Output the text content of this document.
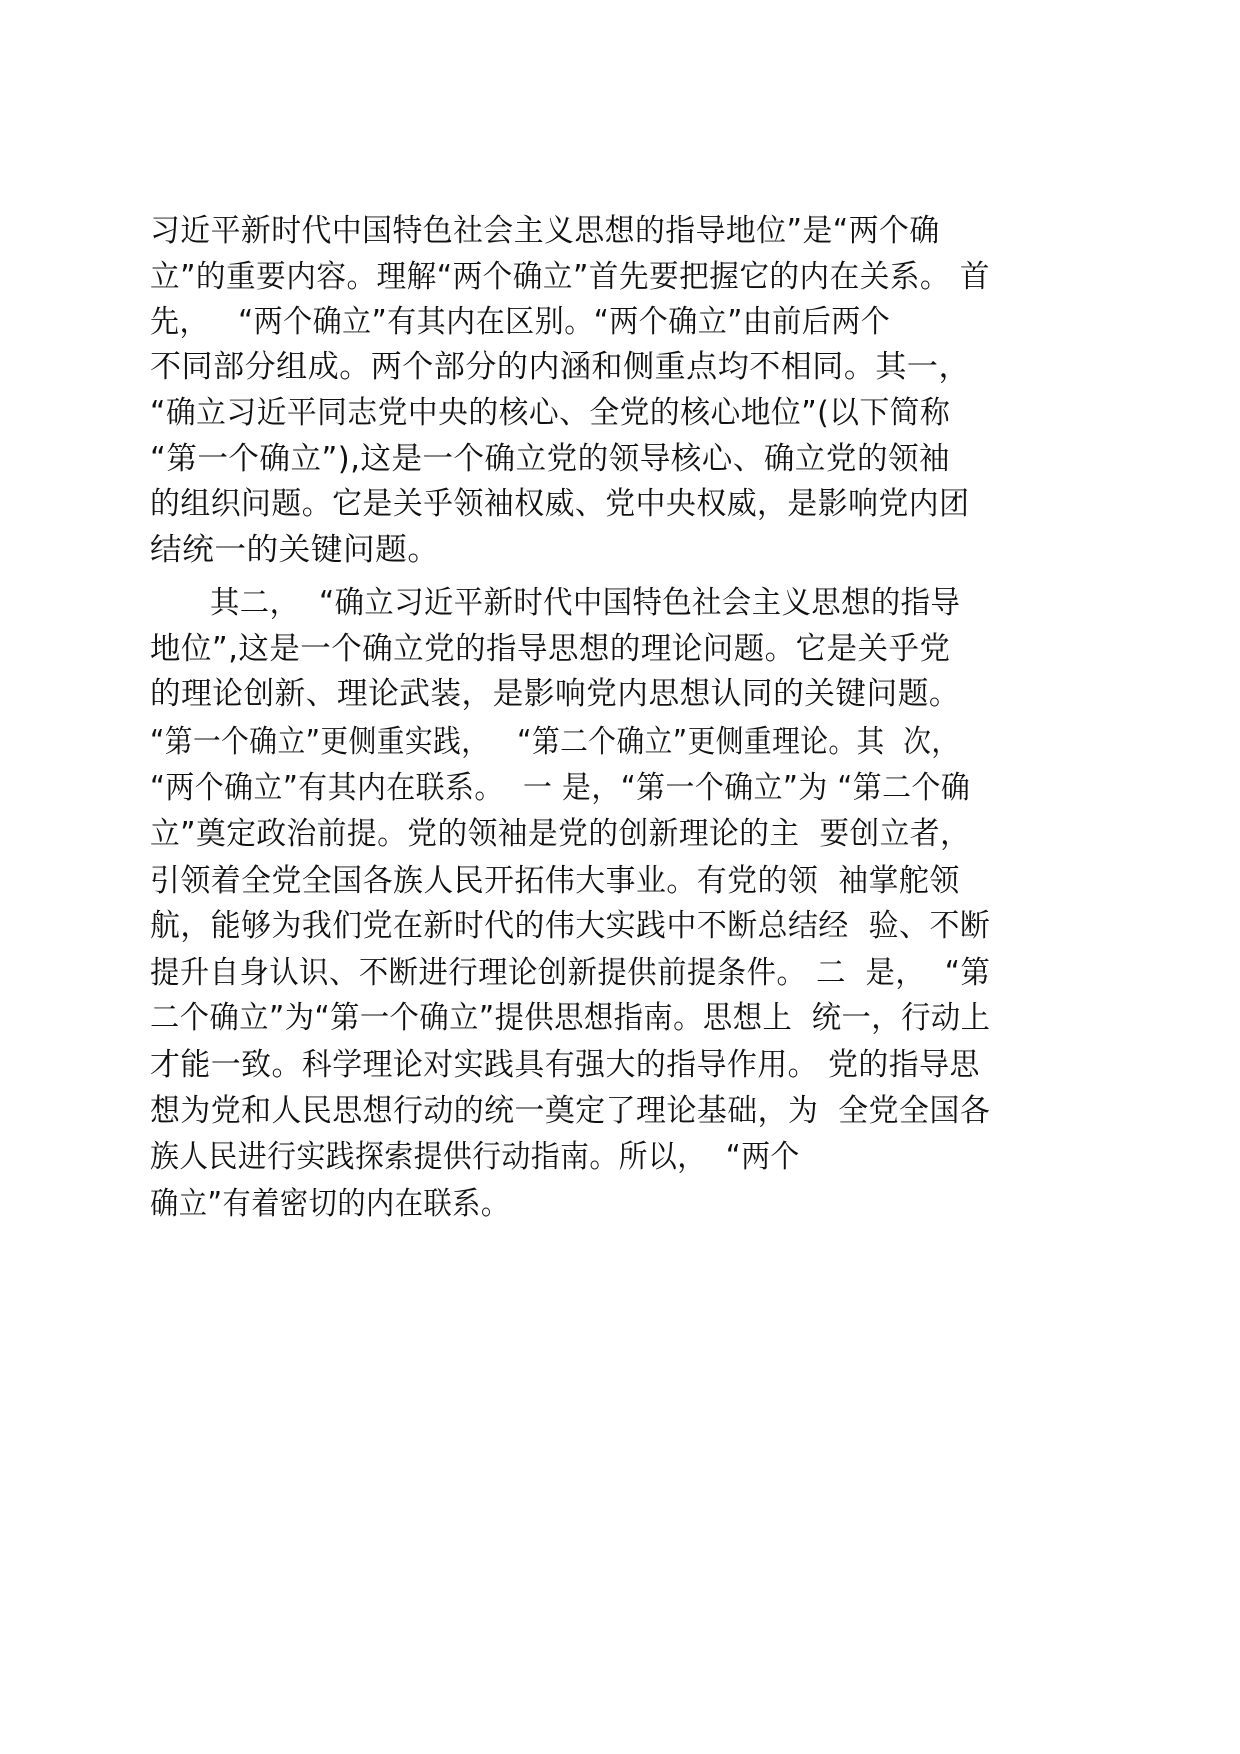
习近平新时代中国特色社会主义思想的指导地位”是“两个确
立”的重要内容。理解“两个确立”首先要把握它的内在关系。 首
先，   “两个确立”有其内在区别。“两个确立”由前后两个
不同部分组成。两个部分的内涵和侧重点均不相同。其一，
“确立习近平同志党中央的核心、全党的核心地位”(以下简称
“第一个确立”),这是一个确立党的领导核心、确立党的领袖
的组织问题。它是关乎领袖权威、党中央权威，是影响党内团
结统一的关键问题。
其二，  “确立习近平新时代中国特色社会主义思想的指导
地位”,这是一个确立党的指导思想的理论问题。它是关乎党
的理论创新、理论武装，是影响党内思想认同的关键问题。
“第一个确立”更侧重实践，   “第二个确立”更侧重理论。其  次，
“两个确立”有其内在联系。  一 是，“第一个确立”为 “第二个确
立”奠定政治前提。党的领袖是党的创新理论的主  要创立者，
引领着全党全国各族人民开拓伟大事业。有党的领  袖掌舵领
航，能够为我们党在新时代的伟大实践中不断总结经  验、不断
提升自身认识、不断进行理论创新提供前提条件。 二  是，  “第
二个确立”为“第一个确立”提供思想指南。思想上  统一，行动上
才能一致。科学理论对实践具有强大的指导作用。 党的指导思
想为党和人民思想行动的统一奠定了理论基础，为  全党全国各
族人民进行实践探索提供行动指南。所以，  “两个
确立”有着密切的内在联系。
